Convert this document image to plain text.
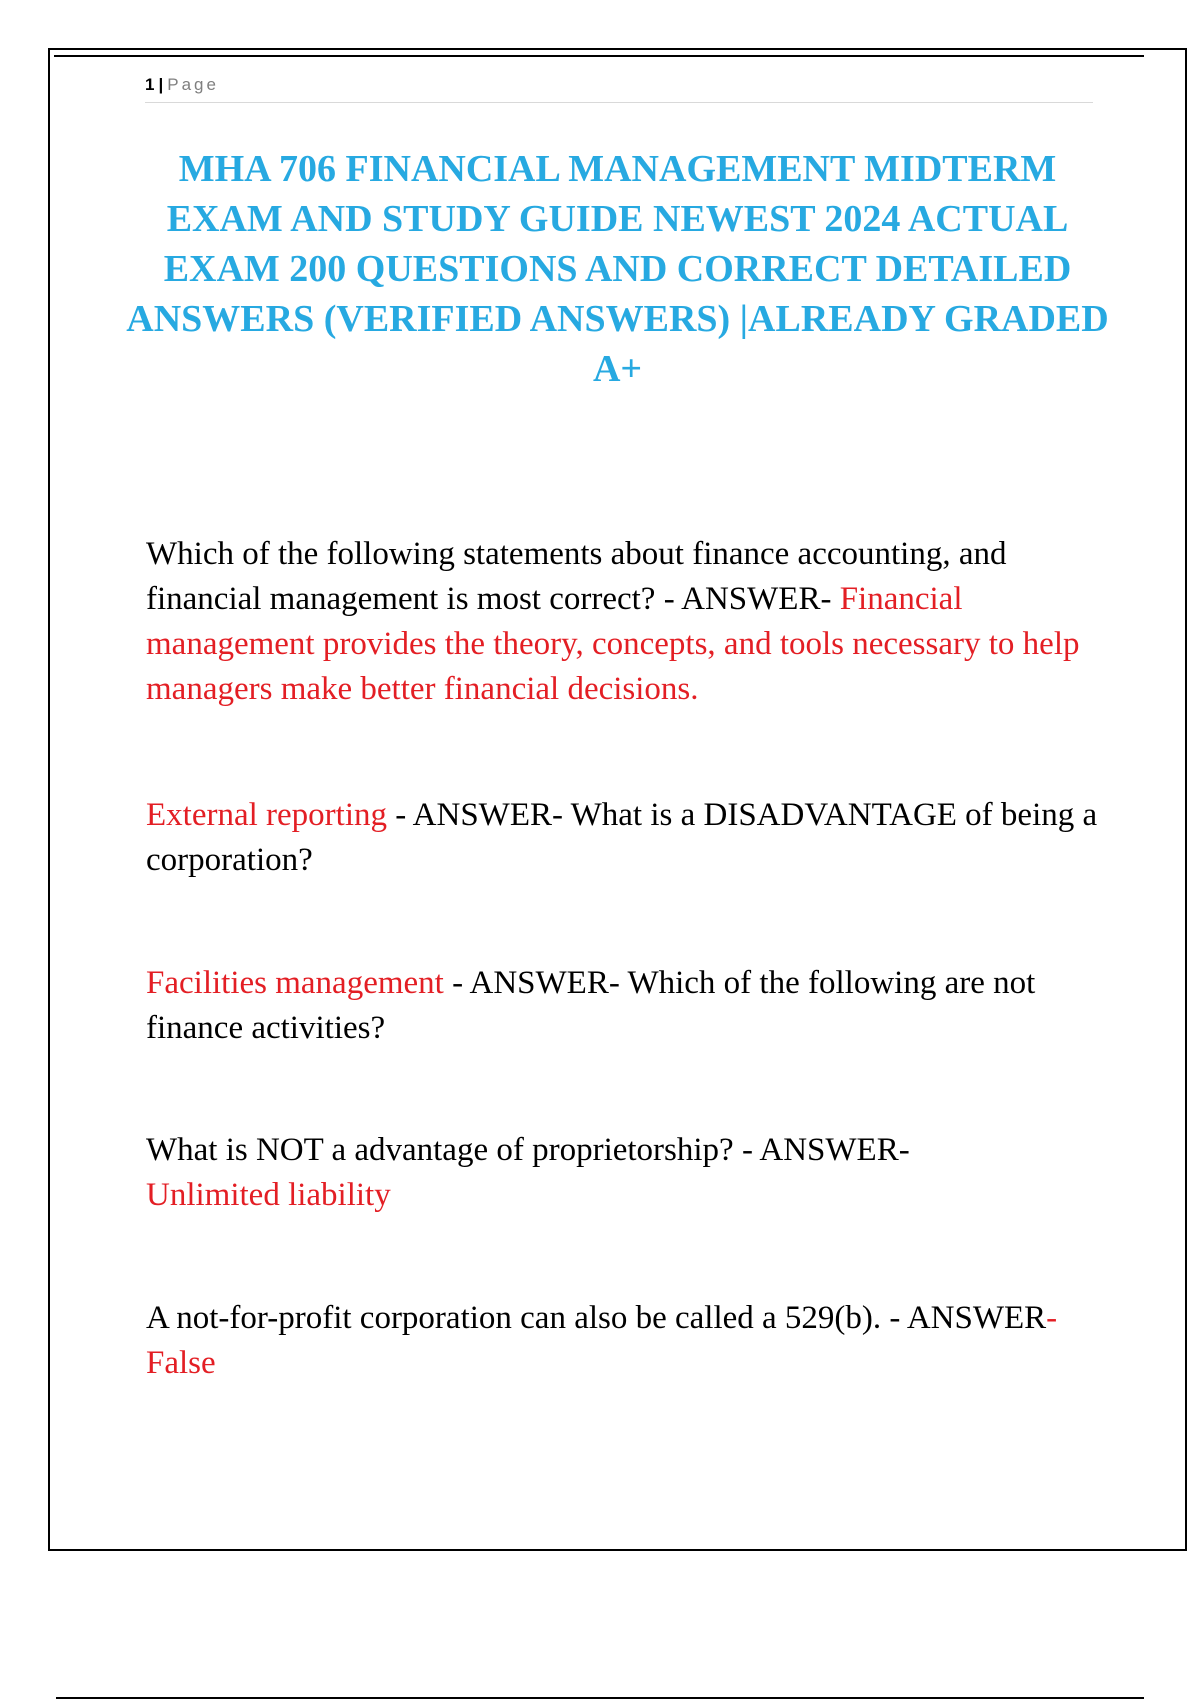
1 | Page
MHA 706 FINANCIAL MANAGEMENT MIDTERM EXAM AND STUDY GUIDE NEWEST 2024 ACTUAL EXAM 200 QUESTIONS AND CORRECT DETAILED ANSWERS (VERIFIED ANSWERS) |ALREADY GRADED A+

Which of the following statements about finance accounting, and financial management is most correct? - ANSWER- Financial management provides the theory, concepts, and tools necessary to help managers make better financial decisions.

External reporting - ANSWER- What is a DISADVANTAGE of being a corporation?

Facilities management - ANSWER- Which of the following are not finance activities?

What is NOT a advantage of proprietorship? - ANSWER-
Unlimited liability

A not-for-profit corporation can also be called a 529(b). - ANSWER- False
